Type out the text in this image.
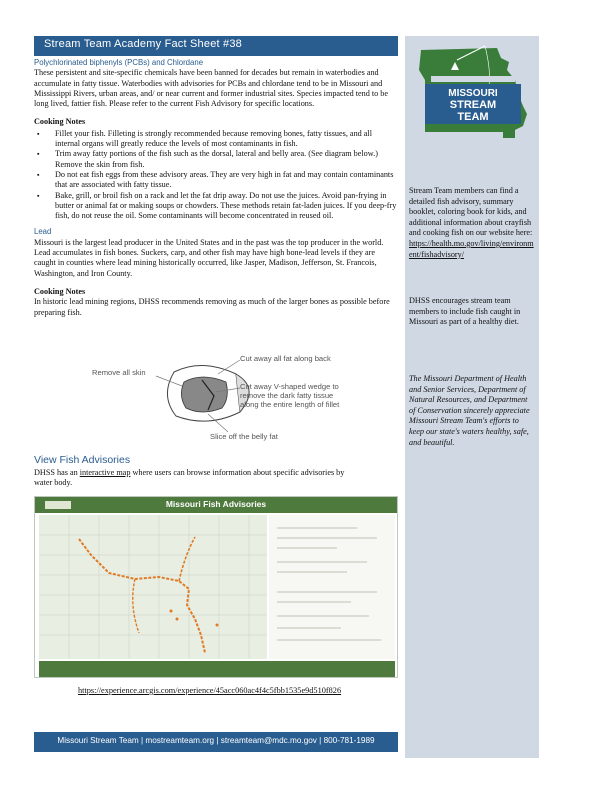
Stream Team Academy Fact Sheet #38
MISSOURI
STREAM
TEAM
Stream Team members can find a detailed fish advisory, summary booklet, coloring book for kids, and additional information about crayfish and cooking fish on our website here: https://health.mo.gov/living/environment/fishadvisory/
DHSS encourages stream team members to include fish caught in Missouri as part of a healthy diet.
The Missouri Department of Health and Senior Services, Department of Natural Resources, and Department of Conservation sincerely appreciate Missouri Stream Team's efforts to keep our state's waters healthy, safe, and beautiful.
Polychlorinated biphenyls (PCBs) and Chlordane
These persistent and site-specific chemicals have been banned for decades but remain in waterbodies and accumulate in fatty tissue. Waterbodies with advisories for PCBs and chlordane tend to be in Missouri and Mississippi Rivers, urban areas, and/ or near current and former industrial sites. Species impacted tend to be long lived, fattier fish. Please refer to the current Fish Advisory for specific locations.
Cooking Notes
▪ Fillet your fish. Filleting is strongly recommended because removing bones, fatty tissues, and all internal organs will greatly reduce the levels of most contaminants in fish.
▪ Trim away fatty portions of the fish such as the dorsal, lateral and belly area. (See diagram below.) Remove the skin from fish.
▪ Do not eat fish eggs from these advisory areas. They are very high in fat and may contain contaminants that are associated with fatty tissue.
▪ Bake, grill, or broil fish on a rack and let the fat drip away. Do not use the juices. Avoid pan-frying in butter or animal fat or making soups or chowders. These methods retain fat-laden juices. If you deep-fry fish, do not reuse the oil. Some contaminants will become concentrated in reused oil.
Lead
Missouri is the largest lead producer in the United States and in the past was the top producer in the world. Lead accumulates in fish bones. Suckers, carp, and other fish may have high bone-lead levels if they are caught in counties where lead mining historically occurred, like Jasper, Madison, Jefferson, St. Francois, Washington, and Iron County.
Cooking Notes
In historic lead mining regions, DHSS recommends removing as much of the larger bones as possible before preparing fish.
Remove all skin
Cut away all fat along back
Cut away V-shaped wedge to remove the dark fatty tissue along the entire length of fillet
Slice off the belly fat
View Fish Advisories
DHSS has an interactive map where users can browse information about specific advisories by water body.
Missouri Fish Advisories
https://experience.arcgis.com/experience/45acc060ac4f4c5fbb1535e9d510f826
Missouri Stream Team | mostreamteam.org | streamteam@mdc.mo.gov | 800-781-1989
